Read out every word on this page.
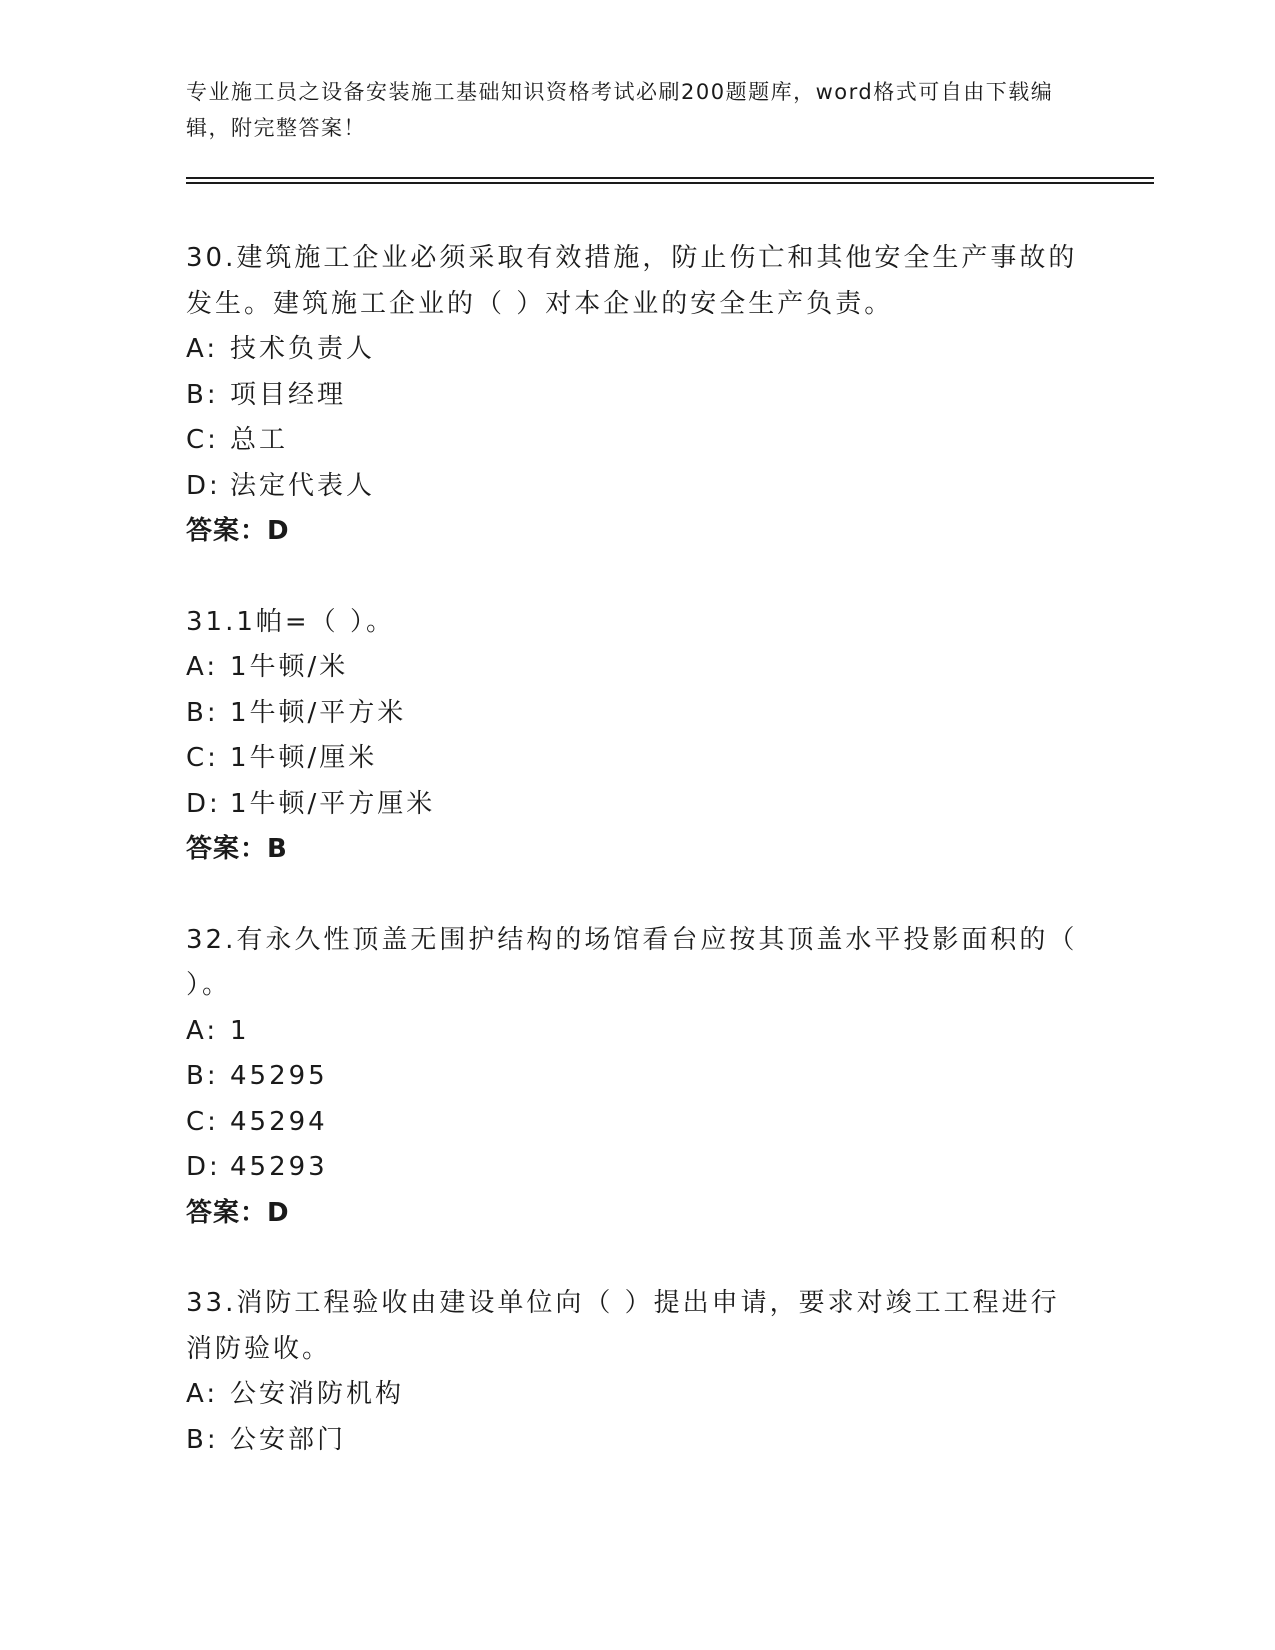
专业施工员之设备安装施工基础知识资格考试必刷200题题库，word格式可自由下载编辑，附完整答案！

30.建筑施工企业必须采取有效措施，防止伤亡和其他安全生产事故的发生。建筑施工企业的（ ）对本企业的安全生产负责。

A: 技术负责人

B: 项目经理

C: 总工

D: 法定代表人

答案：D

31.1帕=（ ）。

A: 1牛顿/米

B: 1牛顿/平方米

C: 1牛顿/厘米

D: 1牛顿/平方厘米

答案：B

32.有永久性顶盖无围护结构的场馆看台应按其顶盖水平投影面积的（ ）。

A: 1

B: 45295

C: 45294

D: 45293

答案：D

33.消防工程验收由建设单位向（ ）提出申请，要求对竣工工程进行消防验收。

A: 公安消防机构

B: 公安部门
